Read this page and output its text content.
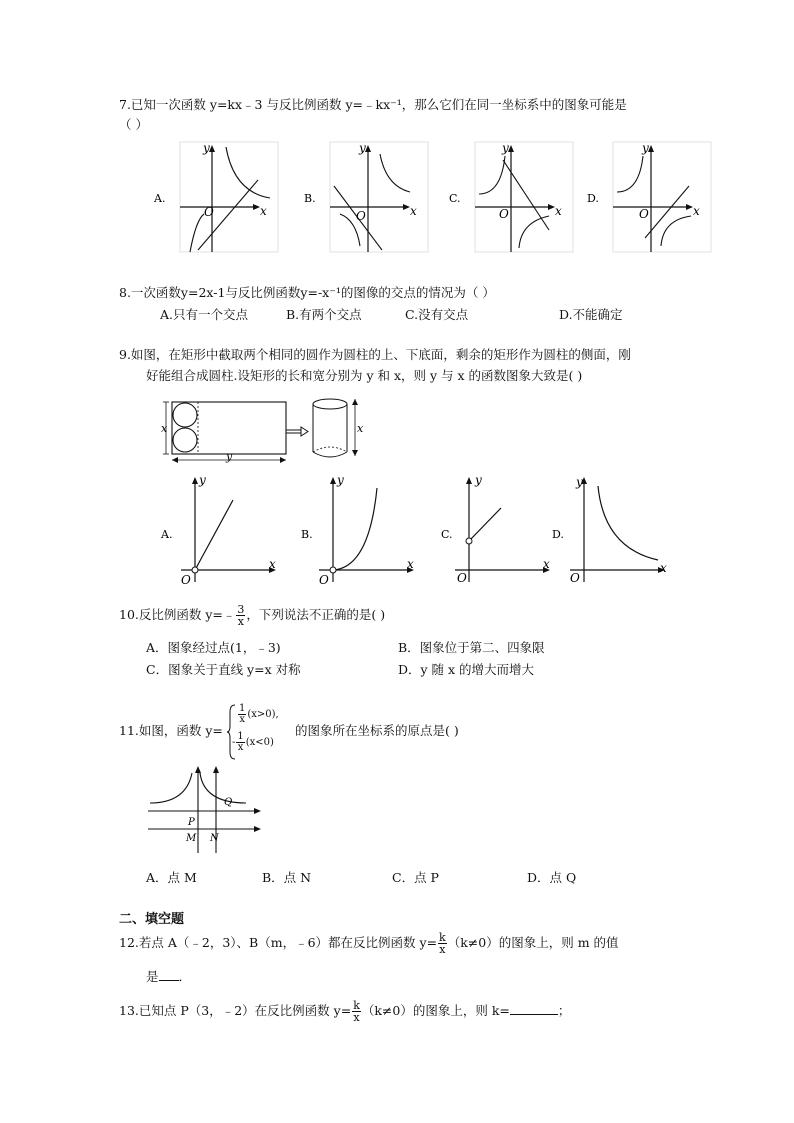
7.已知一次函数 y=kx﹣3 与反比例函数 y=﹣kx⁻¹，那么它们在同一坐标系中的图象可能是
（ ）
A.
x
y
O
B.
x
y
O
C.
x
y
O
D.
x
y
O
8.一次函数y=2x-1与反比例函数y=-x⁻¹的图像的交点的情况为（ ）
A.只有一个交点	B.有两个交点	C.没有交点	D.不能确定
9.如图，在矩形中截取两个相同的圆作为圆柱的上、下底面，剩余的矩形作为圆柱的侧面，刚
好能组合成圆柱.设矩形的长和宽分别为 y 和 x，则 y 与 x 的函数图象大致是( )
x
y
x
A.
x
y
O
B.
x
y
O
C.
x
y
O
D.
x
y
O
10.反比例函数 y=﹣ $\frac{3}{x}$ ，下列说法不正确的是( )
A．图象经过点(1，﹣3)	B．图象位于第二、四象限
C．图象关于直线 y=x 对称	D．y 随 x 的增大而增大
11.如图，函数 y=
$\frac{1}{x} (x>0)$,
- $\frac{1}{x} (x<0)$
的图象所在坐标系的原点是( )
Q
P
M N
A．点 M	B．点 N	C．点 P	D．点 Q
二、填空题
12.若点 A（﹣2，3）、B（m，﹣6）都在反比例函数 $y= \frac{k}{x} (k\ne 0)$的图象上，则 m 的值
是 ．
13.已知点 P（3，﹣2）在反比例函数 $y= \frac{k}{x} (k\ne 0)$的图象上，则 k=	；
